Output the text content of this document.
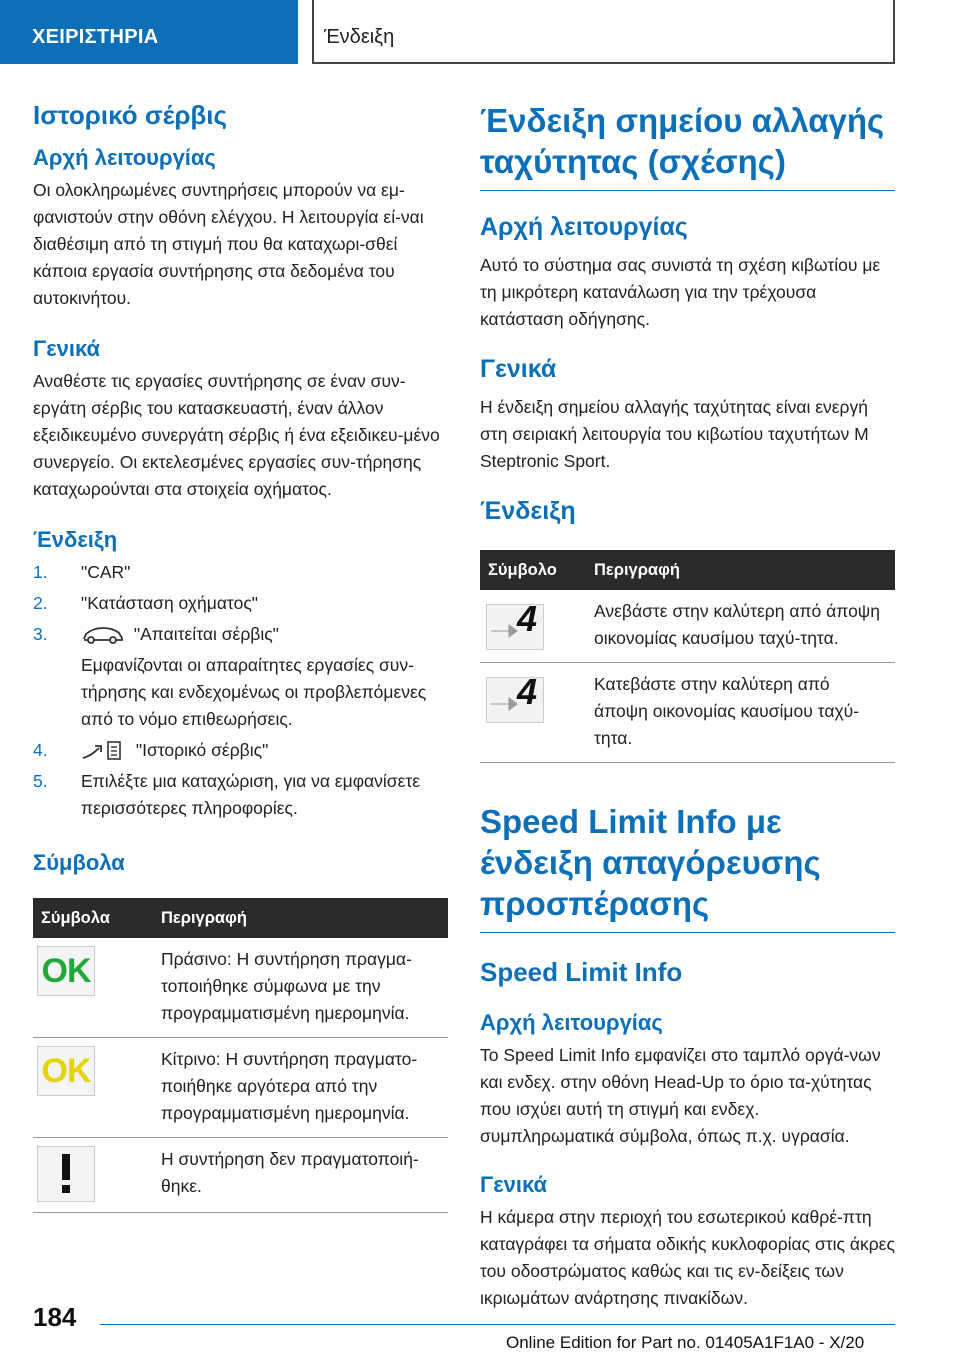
ΧΕΙΡΙΣΤΗΡΙΑ	Ένδειξη
Ιστορικό σέρβις
Αρχή λειτουργίας

Οι ολοκληρωμένες συντηρήσεις μπορούν να εμ-φανιστούν στην οθόνη ελέγχου. Η λειτουργία εί-ναι διαθέσιμη από τη στιγμή που θα καταχωρι-σθεί κάποια εργασία συντήρησης στα δεδομένα του αυτοκινήτου.

Γενικά

Αναθέστε τις εργασίες συντήρησης σε έναν συν-εργάτη σέρβις του κατασκευαστή, έναν άλλον εξειδικευμένο συνεργάτη σέρβις ή ένα εξειδικευ-μένο συνεργείο. Οι εκτελεσμένες εργασίες συν-τήρησης καταχωρούνται στα στοιχεία οχήματος.

Ένδειξη
1. "CAR"
2. "Κατάσταση οχήματος"
3.	"Απαιτείται σέρβις"
Εμφανίζονται οι απαραίτητες εργασίες συν-τήρησης και ενδεχομένως οι προβλεπόμενες από το νόμο επιθεωρήσεις.
4.	"Ιστορικό σέρβις"
5. Επιλέξτε μια καταχώριση, για να εμφανίσετε περισσότερες πληροφορίες.
Σύμβολα
Σύμβολα	Περιγραφή

OK	Πράσινο: Η συντήρηση πραγμα-τοποιήθηκε σύμφωνα με την προγραμματισμένη ημερομηνία.

OK	Κίτρινο: Η συντήρηση πραγματο-ποιήθηκε αργότερα από την προγραμματισμένη ημερομηνία.

	Η συντήρηση δεν πραγματοποιή-θηκε.
Ένδειξη σημείου αλλαγής ταχύτητας (σχέσης)
Αρχή λειτουργίας

Αυτό το σύστημα σας συνιστά τη σχέση κιβωτίου με τη μικρότερη κατανάλωση για την τρέχουσα κατάσταση οδήγησης.

Γενικά

Η ένδειξη σημείου αλλαγής ταχύτητας είναι ενεργή στη σειριακή λειτουργία του κιβωτίου ταχυτήτων M Steptronic Sport.

Ένδειξη
Σύμβολο	Περιγραφή

4	Ανεβάστε στην καλύτερη από άποψη οικονομίας καυσίμου ταχύ-τητα.

4	Κατεβάστε στην καλύτερη από άποψη οικονομίας καυσίμου ταχύ-τητα.
Speed Limit Info με ένδειξη απαγόρευσης προσπέρασης
Speed Limit Info
Αρχή λειτουργίας

Το Speed Limit Info εμφανίζει στο ταμπλό οργά-νων και ενδεχ. στην οθόνη Head-Up το όριο τα-χύτητας που ισχύει αυτή τη στιγμή και ενδεχ. συμπληρωματικά σύμβολα, όπως π.χ. υγρασία.

Γενικά

Η κάμερα στην περιοχή του εσωτερικού καθρέ-πτη καταγράφει τα σήματα οδικής κυκλοφορίας στις άκρες του οδοστρώματος καθώς και τις εν-δείξεις των ικριωμάτων ανάρτησης πινακίδων.

184
Online Edition for Part no. 01405A1F1A0 - X/20
